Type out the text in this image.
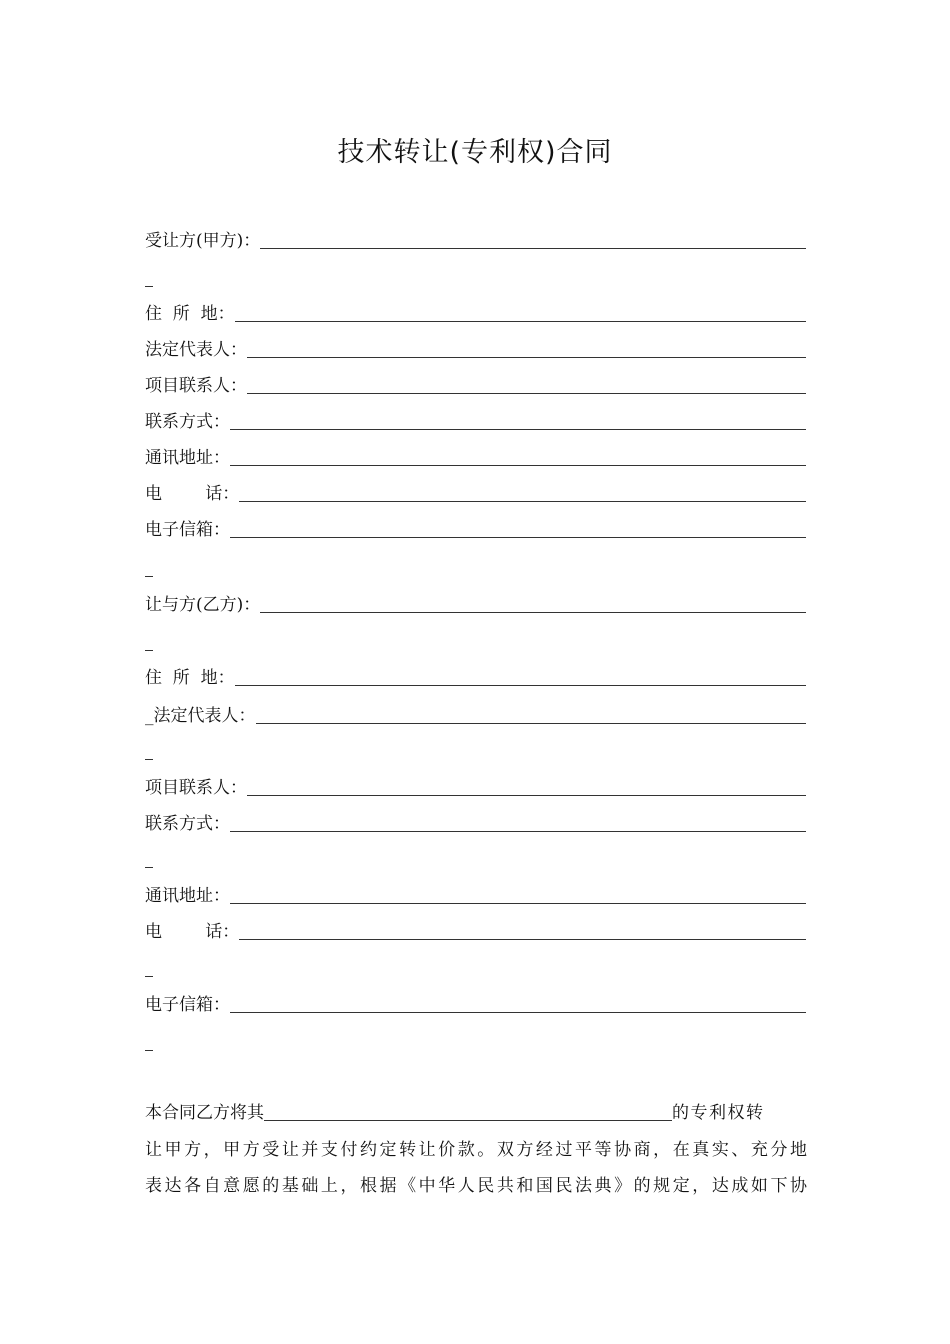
技术转让(专利权)合同
受让方(甲方)：
住  所  地：
法定代表人：
项目联系人：
联系方式：
通讯地址：
电        话：
电子信箱：
让与方(乙方)：
住  所  地：
_法定代表人：
项目联系人：
联系方式：
通讯地址：
电        话：
电子信箱：
本合同乙方将其	的专利权转
让甲方，甲方受让并支付约定转让价款。双方经过平等协商，在真实、充分地
表达各自意愿的基础上，根据《中华人民共和国民法典》的规定，达成如下协
